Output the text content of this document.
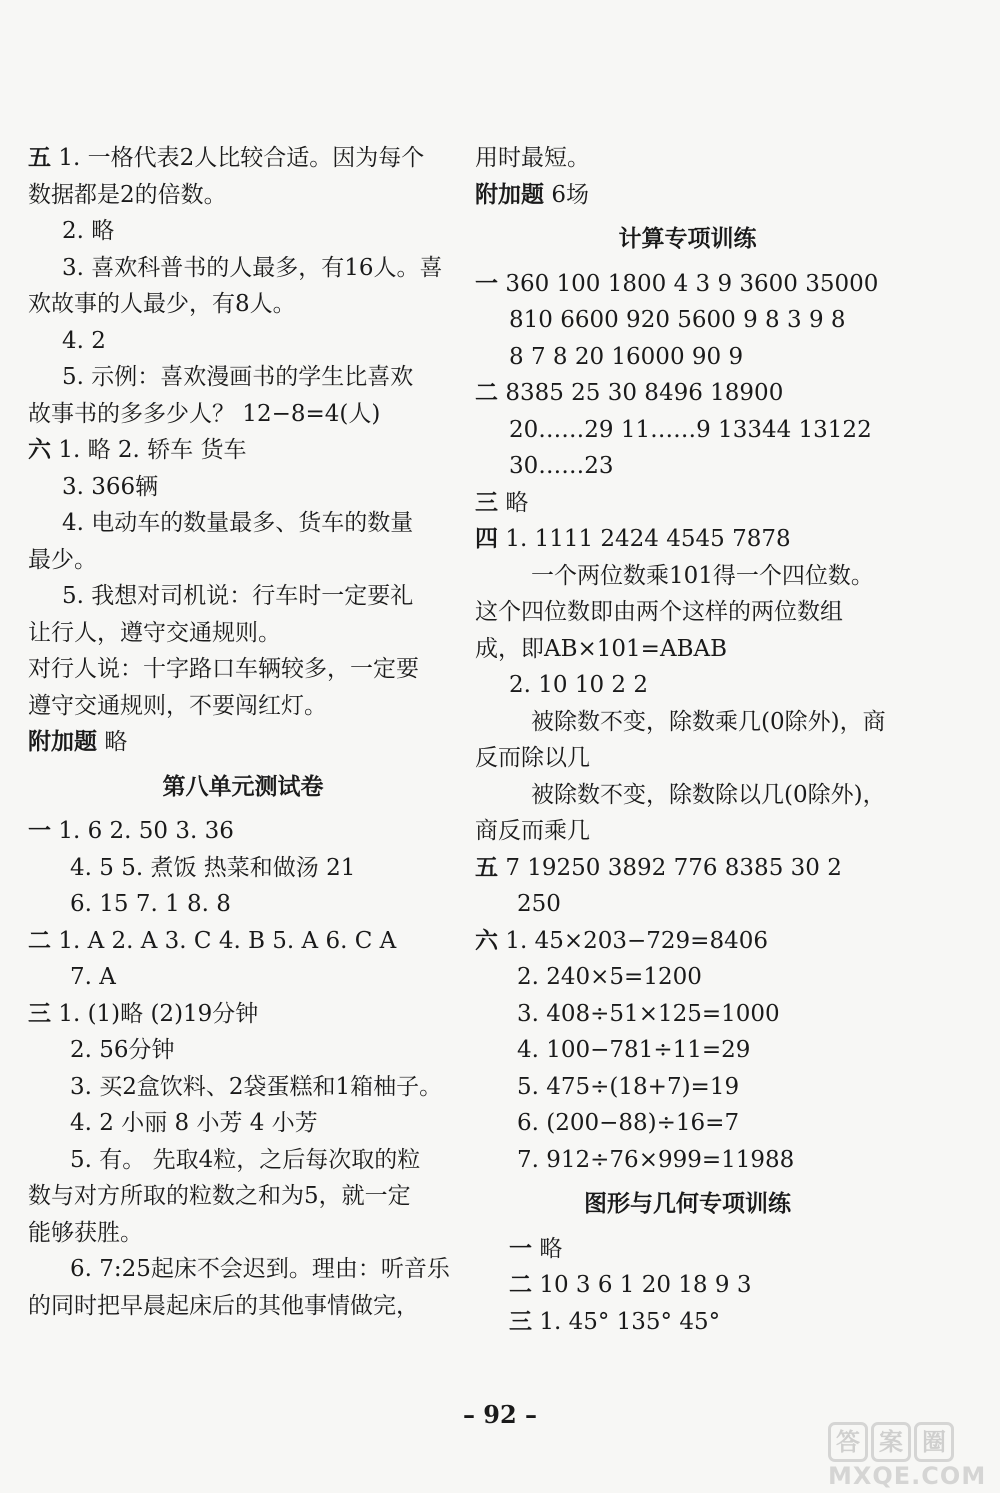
五 1. 一格代表2人比较合适。因为每个
数据都是2的倍数。
2. 略
3. 喜欢科普书的人最多，有16人。喜
欢故事的人最少，有8人。
4. 2
5. 示例：喜欢漫画书的学生比喜欢
故事书的多多少人？ 12−8=4(人)
六 1. 略 2. 轿车 货车
3. 366辆
4. 电动车的数量最多、货车的数量
最少。
5. 我想对司机说：行车时一定要礼
让行人，遵守交通规则。
对行人说：十字路口车辆较多，一定要
遵守交通规则，不要闯红灯。
附加题 略
第八单元测试卷
一 1. 6 2. 50 3. 36
4. 5 5. 煮饭 热菜和做汤 21
6. 15 7. 1 8. 8
二 1. A 2. A 3. C 4. B 5. A 6. C A
7. A
三 1. (1)略 (2)19分钟
2. 56分钟
3. 买2盒饮料、2袋蛋糕和1箱柚子。
4. 2 小丽 8 小芳 4 小芳
5. 有。 先取4粒，之后每次取的粒
数与对方所取的粒数之和为5，就一定
能够获胜。
6. 7:25起床不会迟到。理由：听音乐
的同时把早晨起床后的其他事情做完，
用时最短。
附加题 6场
计算专项训练
一 360 100 1800 4 3 9 3600 35000
810 6600 920 5600 9 8 3 9 8
8 7 8 20 16000 90 9
二 8385 25 30 8496 18900
20……29 11……9 13344 13122
30……23
三 略
四 1. 1111 2424 4545 7878
一个两位数乘101得一个四位数。
这个四位数即由两个这样的两位数组
成，即AB×101=ABAB
2. 10 10 2 2
被除数不变，除数乘几(0除外)，商
反而除以几
被除数不变，除数除以几(0除外)，
商反而乘几
五 7 19250 3892 776 8385 30 2
250
六 1. 45×203−729=8406
2. 240×5=1200
3. 408÷51×125=1000
4. 100−781÷11=29
5. 475÷(18+7)=19
6. (200−88)÷16=7
7. 912÷76×999=11988
图形与几何专项训练
一 略
二 10 3 6 1 20 18 9 3
三 1. 45° 135° 45°
– 92 –
答 案 圈
MXQE.COM
